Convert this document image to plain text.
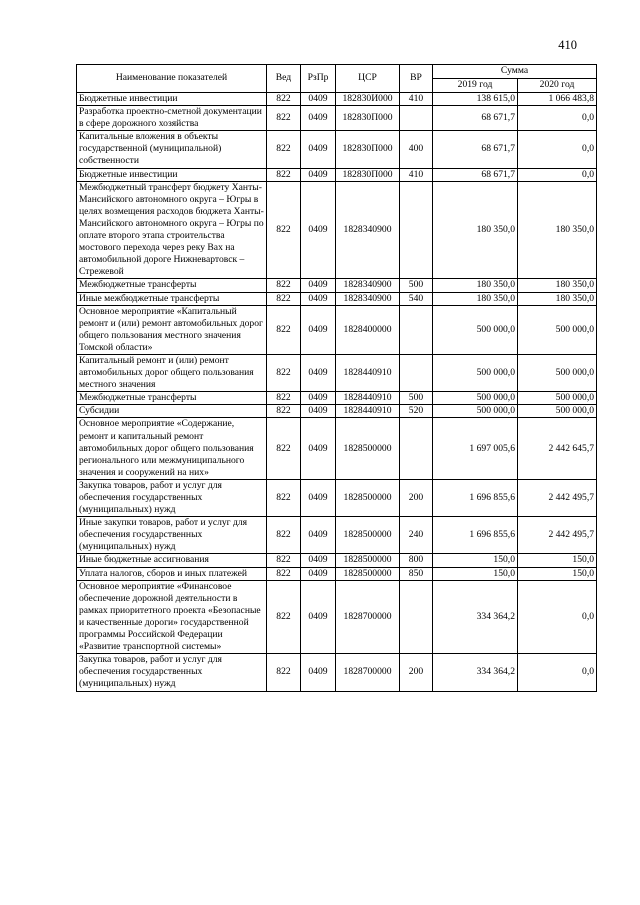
410
Наименование показателей	Вед	РзПр	ЦСР	ВР	Сумма	
					2019 год	2020 год
Бюджетные инвестиции	822	0409	182830И000	410	138 615,0	1 066 483,8
Разработка проектно-сметной документации в сфере дорожного хозяйства	822	0409	182830П000		68 671,7	0,0
Капитальные вложения в объекты государственной (муниципальной) собственности	822	0409	182830П000	400	68 671,7	0,0
Бюджетные инвестиции	822	0409	182830П000	410	68 671,7	0,0
Межбюджетный трансферт бюджету Ханты-Мансийского автономного округа – Югры в целях возмещения расходов бюджета Ханты-Мансийского автономного округа – Югры по оплате второго этапа строительства мостового перехода через реку Вах на автомобильной дороге Нижневартовск – Стрежевой	822	0409	1828340900		180 350,0	180 350,0
Межбюджетные трансферты	822	0409	1828340900	500	180 350,0	180 350,0
Иные межбюджетные трансферты	822	0409	1828340900	540	180 350,0	180 350,0
Основное мероприятие «Капитальный ремонт и (или) ремонт автомобильных дорог общего пользования местного значения Томской области»	822	0409	1828400000		500 000,0	500 000,0
Капитальный ремонт и (или) ремонт автомобильных дорог общего пользования местного значения	822	0409	1828440910		500 000,0	500 000,0
Межбюджетные трансферты	822	0409	1828440910	500	500 000,0	500 000,0
Субсидии	822	0409	1828440910	520	500 000,0	500 000,0
Основное мероприятие «Содержание, ремонт и капитальный ремонт автомобильных дорог общего пользования регионального или межмуниципального значения и сооружений на них»	822	0409	1828500000		1 697 005,6	2 442 645,7
Закупка товаров, работ и услуг для обеспечения государственных (муниципальных) нужд	822	0409	1828500000	200	1 696 855,6	2 442 495,7
Иные закупки товаров, работ и услуг для обеспечения государственных (муниципальных) нужд	822	0409	1828500000	240	1 696 855,6	2 442 495,7
Иные бюджетные ассигнования	822	0409	1828500000	800	150,0	150,0
Уплата налогов, сборов и иных платежей	822	0409	1828500000	850	150,0	150,0
Основное мероприятие «Финансовое обеспечение дорожной деятельности в рамках приоритетного проекта «Безопасные и качественные дороги» государственной программы Российской Федерации «Развитие транспортной системы»	822	0409	1828700000		334 364,2	0,0
Закупка товаров, работ и услуг для обеспечения государственных (муниципальных) нужд	822	0409	1828700000	200	334 364,2	0,0
